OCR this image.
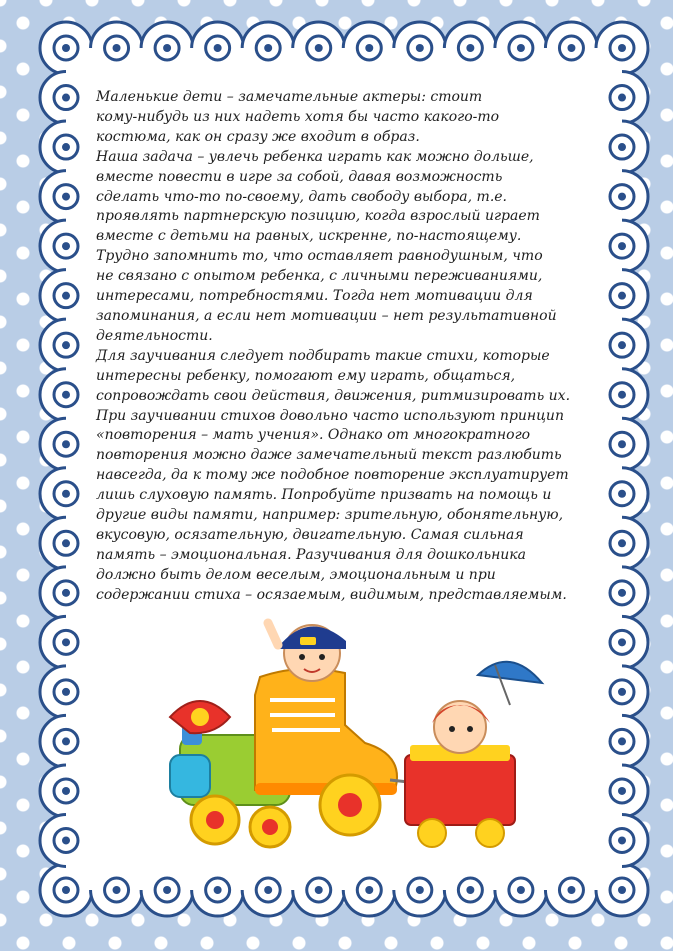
Маленькие дети – замечательные актеры: стоит

кому-нибудь из них надеть хотя бы часто какого-то

костюма, как он сразу же входит в образ.

Наша задача – увлечь ребенка играть как можно дольше,

вместе повести в игре за собой, давая возможность

сделать что-то по-своему, дать свободу выбора, т.е.

проявлять партнерскую позицию, когда взрослый играет

вместе с детьми на равных, искренне, по-настоящему.

Трудно запомнить то, что оставляет равнодушным, что

не связано с опытом ребенка, с личными переживаниями,

интересами, потребностями. Тогда нет мотивации для

запоминания, а если нет мотивации – нет результативной

деятельности.

Для заучивания следует подбирать такие стихи, которые

интересны ребенку, помогают ему играть, общаться,

сопровождать свои действия, движения, ритмизировать их.

При заучивании стихов довольно часто используют принцип

«повторения – мать учения». Однако от многократного

повторения можно даже замечательный текст разлюбить

навсегда, да к тому же подобное повторение эксплуатирует

лишь слуховую память. Попробуйте призвать на помощь и

другие виды памяти, например: зрительную, обонятельную,

вкусовую, осязательную, двигательную. Самая сильная

память – эмоциональная. Разучивания для дошкольника

должно быть делом веселым, эмоциональным и при

содержании стиха – осязаемым, видимым, представляемым.
